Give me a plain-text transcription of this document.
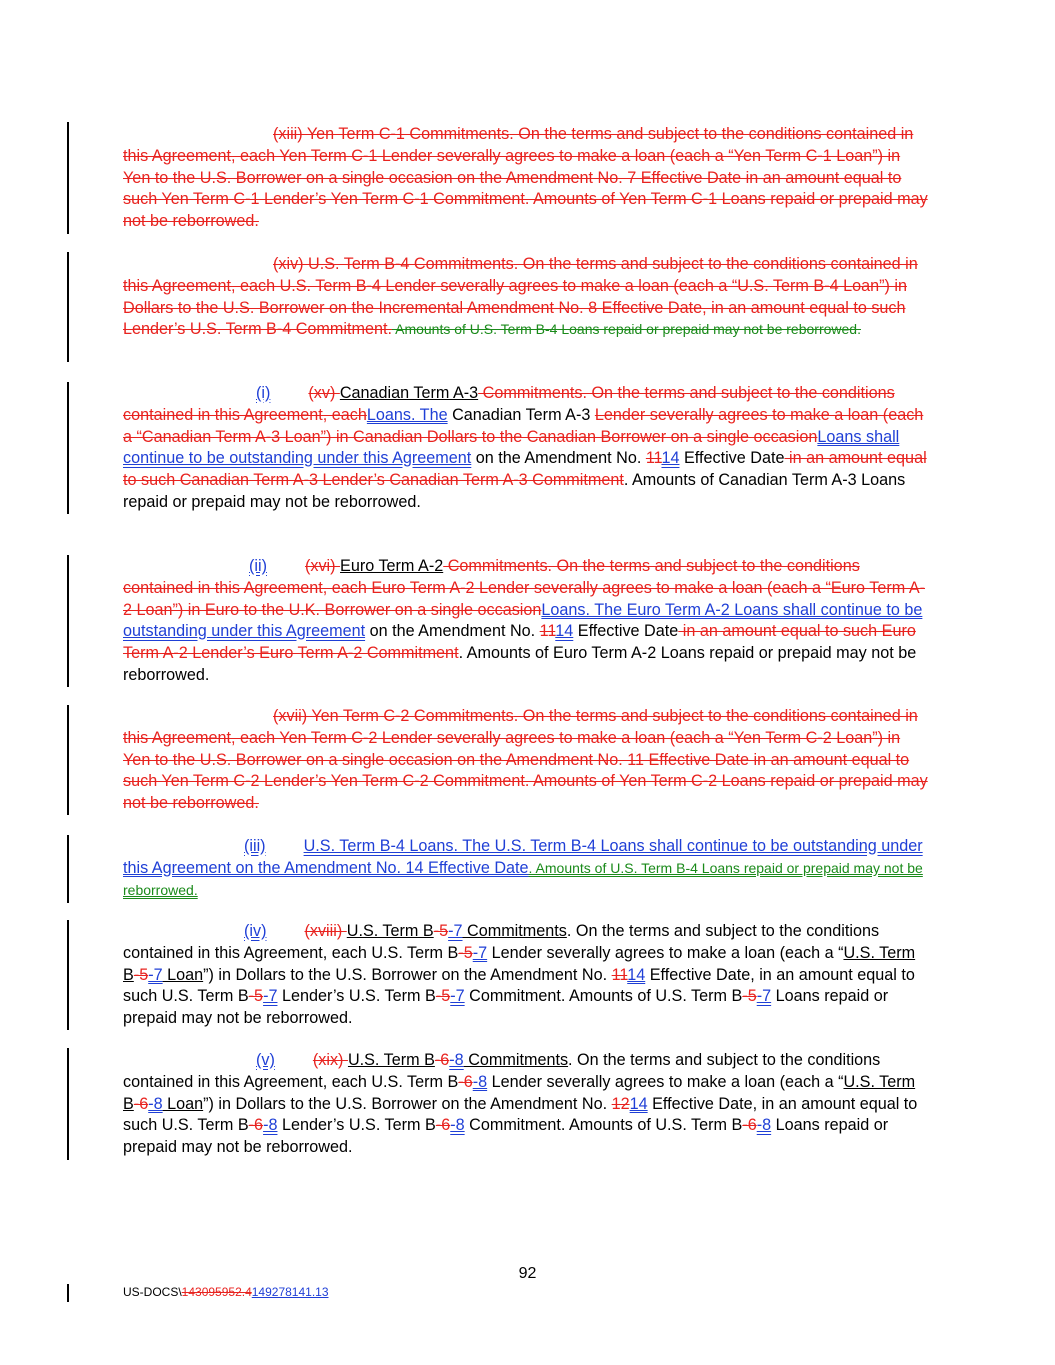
(xiii) Yen Term C-1 Commitments. On the terms and subject to the conditions contained in this Agreement, each Yen Term C-1 Lender severally agrees to make a loan (each a “Yen Term C-1 Loan”) in Yen to the U.S. Borrower on a single occasion on the Amendment No. 7 Effective Date in an amount equal to such Yen Term C-1 Lender’s Yen Term C-1 Commitment. Amounts of Yen Term C-1 Loans repaid or prepaid may not be reborrowed.
(xiv) U.S. Term B-4 Commitments. On the terms and subject to the conditions contained in this Agreement, each U.S. Term B-4 Lender severally agrees to make a loan (each a “U.S. Term B-4 Loan”) in Dollars to the U.S. Borrower on the Incremental Amendment No. 8 Effective Date, in an amount equal to such Lender’s U.S. Term B-4 Commitment. Amounts of U.S. Term B-4 Loans repaid or prepaid may not be reborrowed.
(i) (xv) Canadian Term A-3 Commitments. On the terms and subject to the conditions contained in this Agreement, eachLoans. The Canadian Term A-3 Lender severally agrees to make a loan (each a “Canadian Term A-3 Loan”) in Canadian Dollars to the Canadian Borrower on a single occasionLoans shall continue to be outstanding under this Agreement on the Amendment No. 1114 Effective Date in an amount equal to such Canadian Term A-3 Lender’s Canadian Term A-3 Commitment. Amounts of Canadian Term A-3 Loans repaid or prepaid may not be reborrowed.
(ii) (xvi) Euro Term A-2 Commitments. On the terms and subject to the conditions contained in this Agreement, each Euro Term A-2 Lender severally agrees to make a loan (each a “Euro Term A-2 Loan”) in Euro to the U.K. Borrower on a single occasionLoans. The Euro Term A-2 Loans shall continue to be outstanding under this Agreement on the Amendment No. 1114 Effective Date in an amount equal to such Euro Term A-2 Lender’s Euro Term A-2 Commitment. Amounts of Euro Term A-2 Loans repaid or prepaid may not be reborrowed.
(xvii) Yen Term C-2 Commitments. On the terms and subject to the conditions contained in this Agreement, each Yen Term C-2 Lender severally agrees to make a loan (each a “Yen Term C-2 Loan”) in Yen to the U.S. Borrower on a single occasion on the Amendment No. 11 Effective Date in an amount equal to such Yen Term C-2 Lender’s Yen Term C-2 Commitment. Amounts of Yen Term C-2 Loans repaid or prepaid may not be reborrowed.
(iii) U.S. Term B-4 Loans. The U.S. Term B-4 Loans shall continue to be outstanding under this Agreement on the Amendment No. 14 Effective Date. Amounts of U.S. Term B-4 Loans repaid or prepaid may not be reborrowed.
(iv) (xviii) U.S. Term B-5-7 Commitments. On the terms and subject to the conditions contained in this Agreement, each U.S. Term B-5-7 Lender severally agrees to make a loan (each a “U.S. Term B-5-7 Loan”) in Dollars to the U.S. Borrower on the Amendment No. 1114 Effective Date, in an amount equal to such U.S. Term B-5-7 Lender’s U.S. Term B-5-7 Commitment. Amounts of U.S. Term B-5-7 Loans repaid or prepaid may not be reborrowed.
(v) (xix) U.S. Term B-6-8 Commitments. On the terms and subject to the conditions contained in this Agreement, each U.S. Term B-6-8 Lender severally agrees to make a loan (each a “U.S. Term B-6-8 Loan”) in Dollars to the U.S. Borrower on the Amendment No. 1214 Effective Date, in an amount equal to such U.S. Term B-6-8 Lender’s U.S. Term B-6-8 Commitment. Amounts of U.S. Term B-6-8 Loans repaid or prepaid may not be reborrowed.
92
US-DOCS\143095952.4149278141.13
